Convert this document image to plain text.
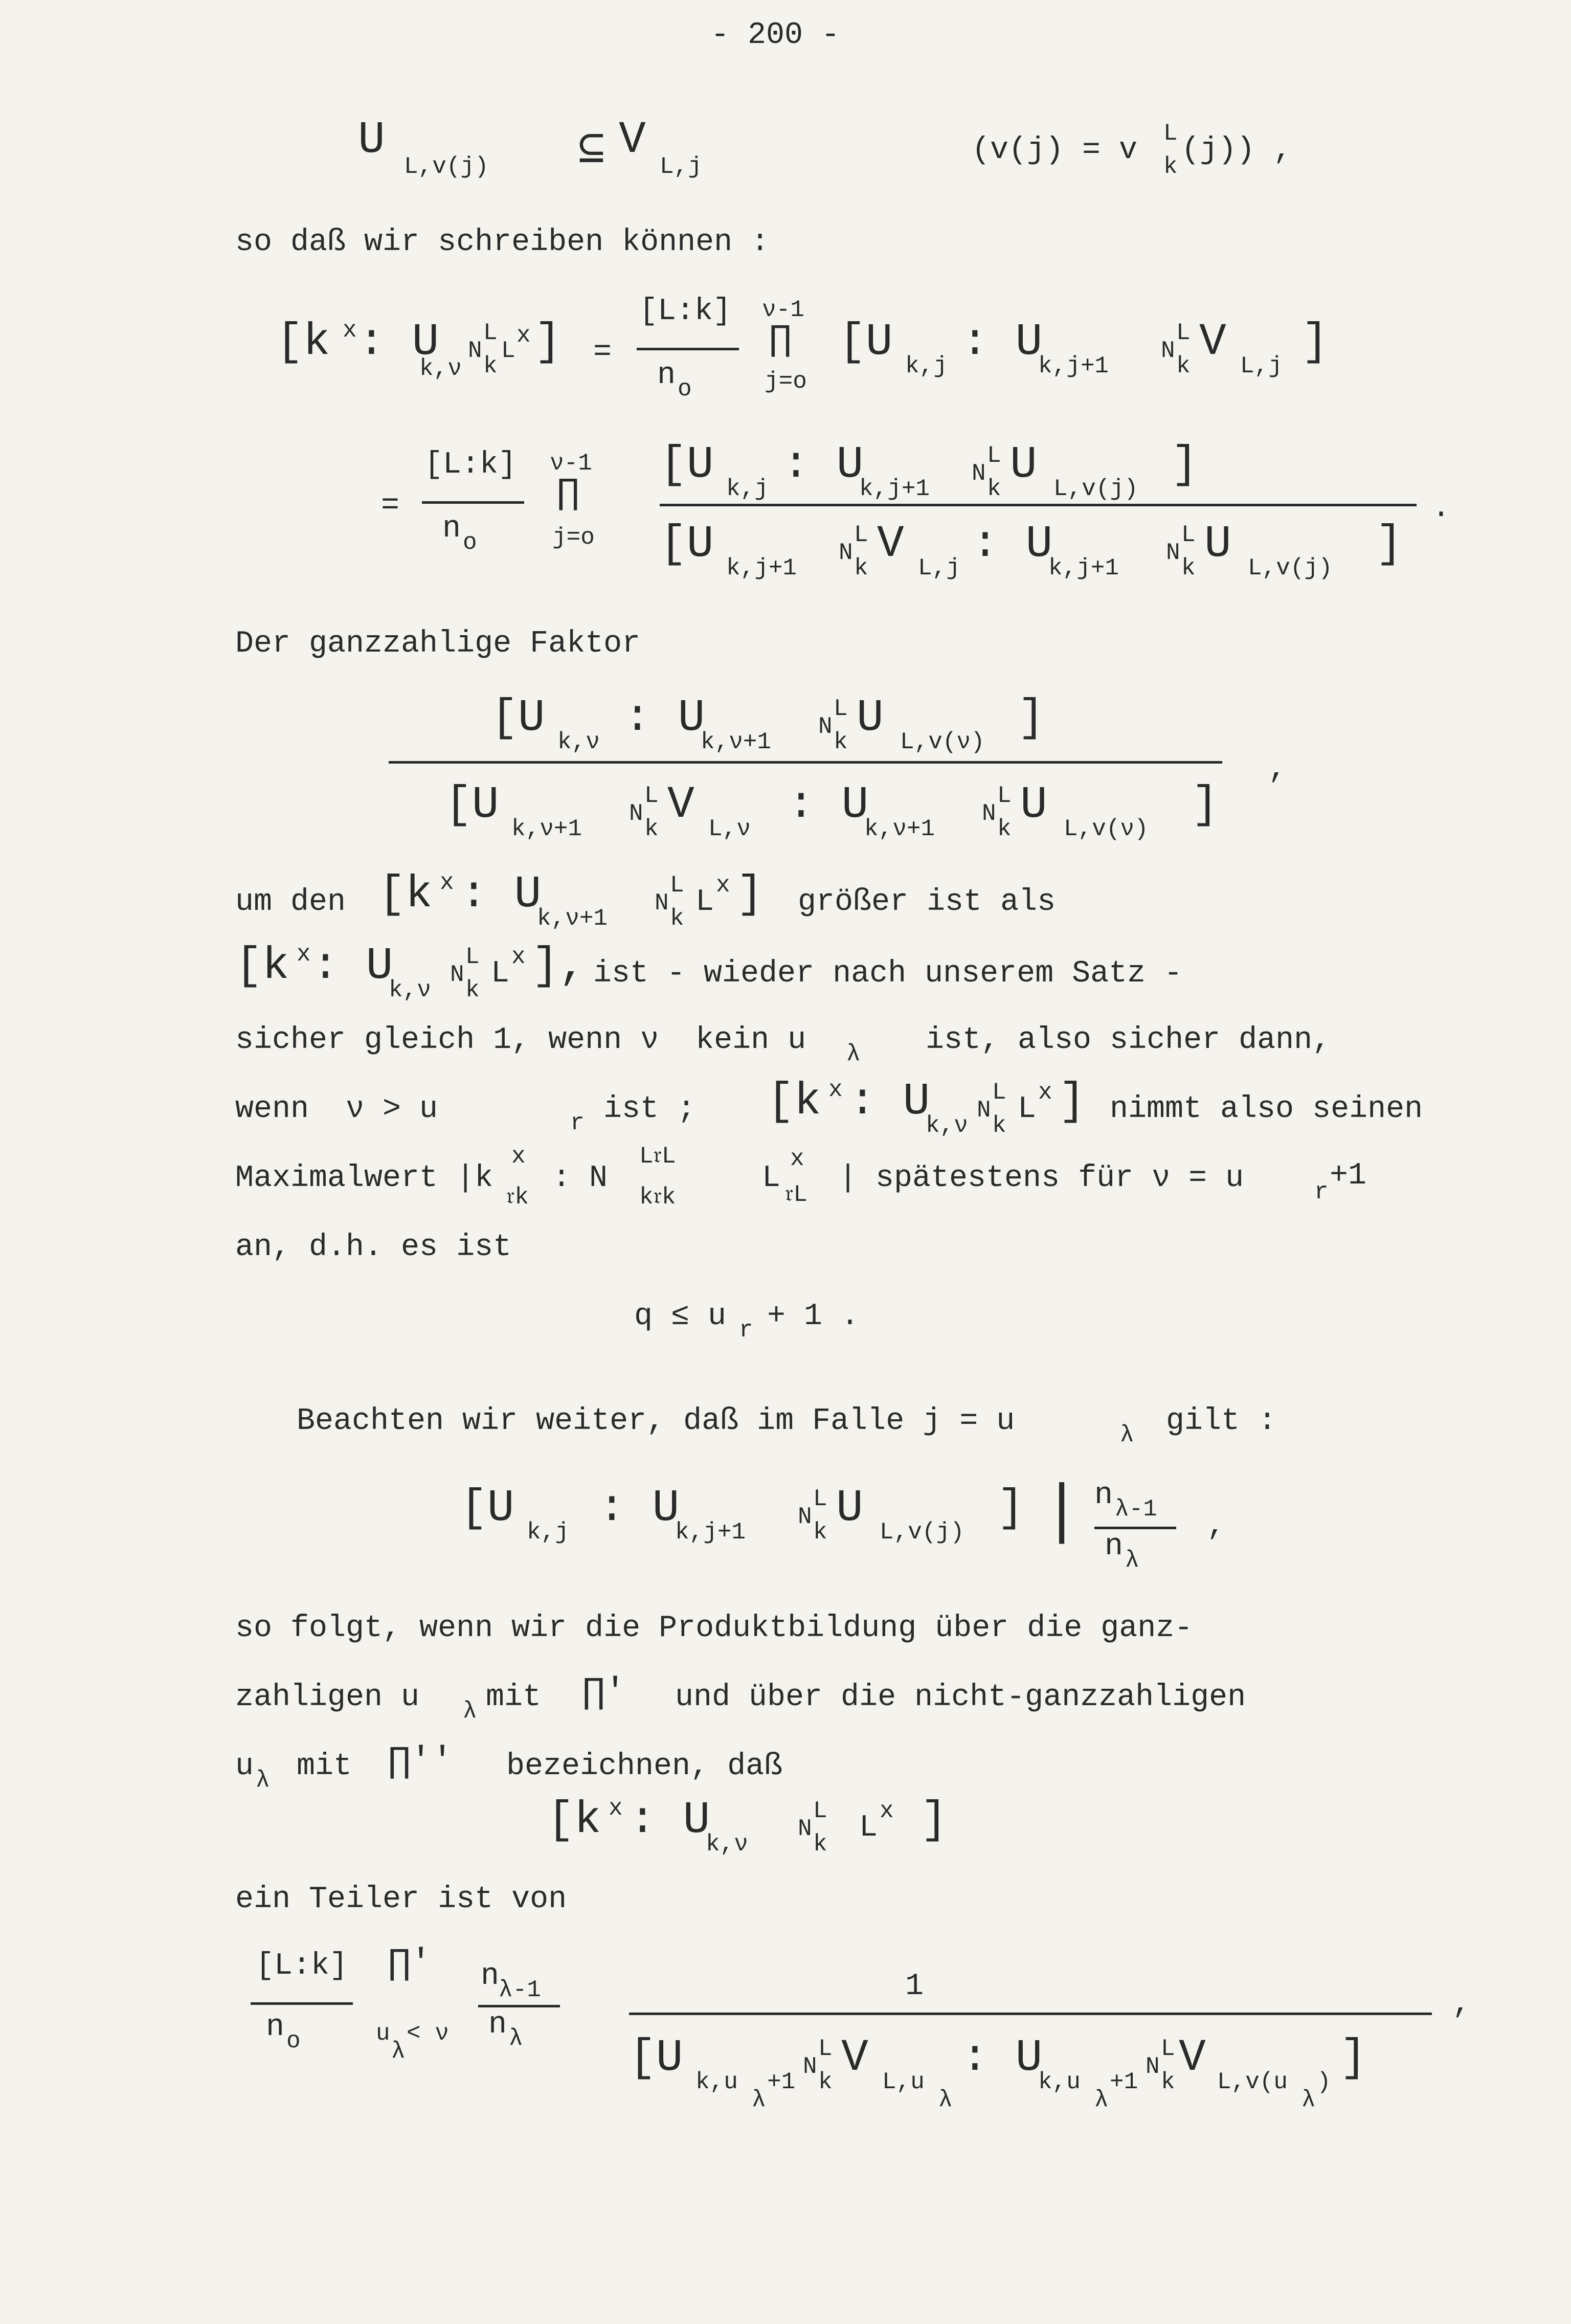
- 200 -
U
L,v(j) ⊆ V
L,j	(v(j) = v L
k (j)) ,
so daß wir schreiben können :
[k x : U
k,ν
N
L
k
L
x ] =
[L:k]
n o
ν-1
∏
j=o
[U k,j : U
k,j+1
N
L
k V L,j ]
=
[L:k]
n o
ν-1
∏
j=o
[U k,j : U
k,j+1
N
L
k U L,v(j) ]
[U k,j+1
N
L
k V L,j : U
k,j+1
N
L
k U L,v(j) ]
.
Der ganzzahlige Faktor
[U k,ν : U
k,ν+1
N
L
k U L,v(ν) ]
[U k,ν+1
N
L
k V L,ν : U
k,ν+1
N
L
k U L,v(ν) ]
,
um den [k x : U
k,ν+1
N
L
k L x ] größer ist als
[k x : U
k,ν
N
L
k L x ], ist - wieder nach unserem Satz -
sicher gleich 1, wenn ν  kein u λ ist, also sicher dann,
wenn  ν > u	r ist ; [k x : U
k,ν
N
L
k L x ] nimmt also seinen
Maximalwert |k
x
𝔯k
: N
L𝔯L
k𝔯k
L
x
𝔯L | spätestens für ν = u	r +1
an, d.h. es ist
q ≤ u r + 1 .
Beachten wir weiter, daß im Falle j = u	λ gilt :
[U k,j : U
k,j+1
N
L
k U L,v(j) ] | n λ-1
n λ
,
so folgt, wenn wir die Produktbildung über die ganz-
zahligen u λ mit ∏' und über die nicht-ganzzahligen
u λ mit ∏'' bezeichnen, daß
[k x : U
k,ν
N
L
k L x ]
ein Teiler ist von
[L:k]
n o
∏'
u
λ
< ν
n
λ-1
n λ
1
[U k,u
λ
+1
N
L
k V L,u
λ
: U
k,u
λ
+1
N
L
k V L,v(u
λ
) ]
,
